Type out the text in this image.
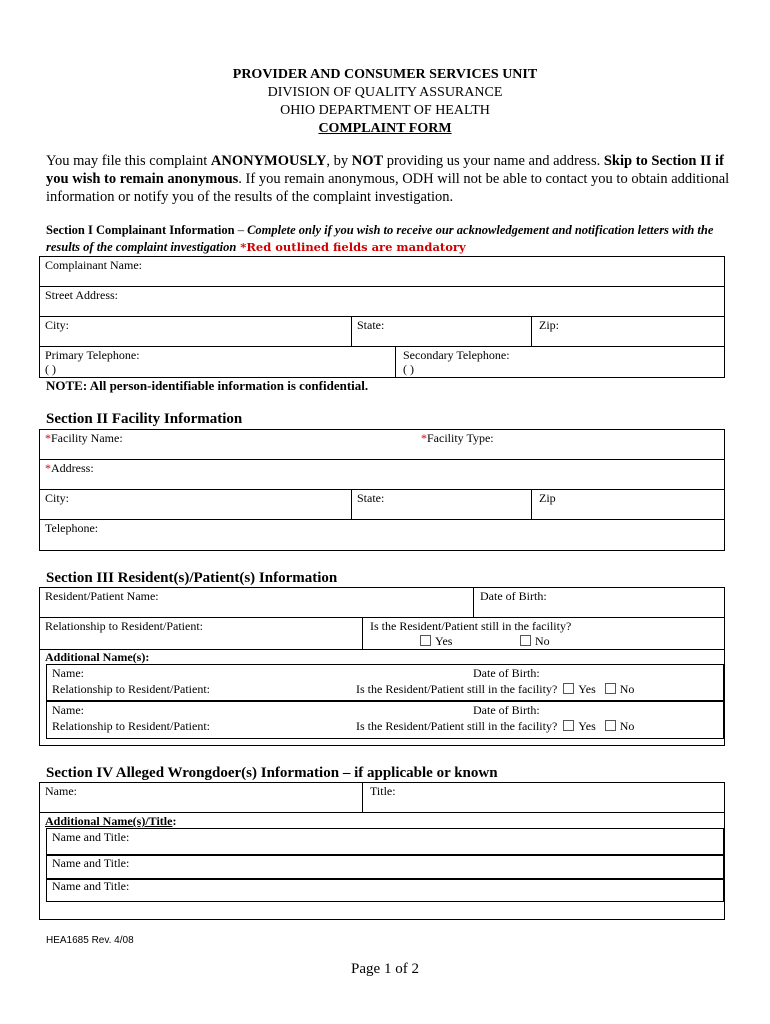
PROVIDER AND CONSUMER SERVICES UNIT
DIVISION OF QUALITY ASSURANCE
OHIO DEPARTMENT OF HEALTH
COMPLAINT FORM
You may file this complaint ANONYMOUSLY, by NOT providing us your name and address. Skip to Section II if you wish to remain anonymous. If you remain anonymous, ODH will not be able to contact you to obtain additional information or notify you of the results of the complaint investigation.
Section I Complainant Information – Complete only if you wish to receive our acknowledgement and notification letters with the results of the complaint investigation *Red outlined fields are mandatory
Complainant Name:
Street Address:
City:	State:	Zip:
Primary Telephone:
( )
Secondary Telephone:
( )
NOTE: All person-identifiable information is confidential.
Section II Facility Information
*Facility Name:	*Facility Type:
*Address:
City:	State:	Zip
Telephone:
Section III Resident(s)/Patient(s) Information
Resident/Patient Name:	Date of Birth:
Relationship to Resident/Patient:	Is the Resident/Patient still in the facility?
Yes	No
Additional Name(s):
Name:	Date of Birth:
Relationship to Resident/Patient:	Is the Resident/Patient still in the facility? Yes No
Name:	Date of Birth:
Relationship to Resident/Patient:	Is the Resident/Patient still in the facility? Yes No
Section IV Alleged Wrongdoer(s) Information – if applicable or known
Name:	Title:
Additional Name(s)/Title:
Name and Title:
Name and Title:
Name and Title:
HEA1685 Rev. 4/08
Page 1 of 2
